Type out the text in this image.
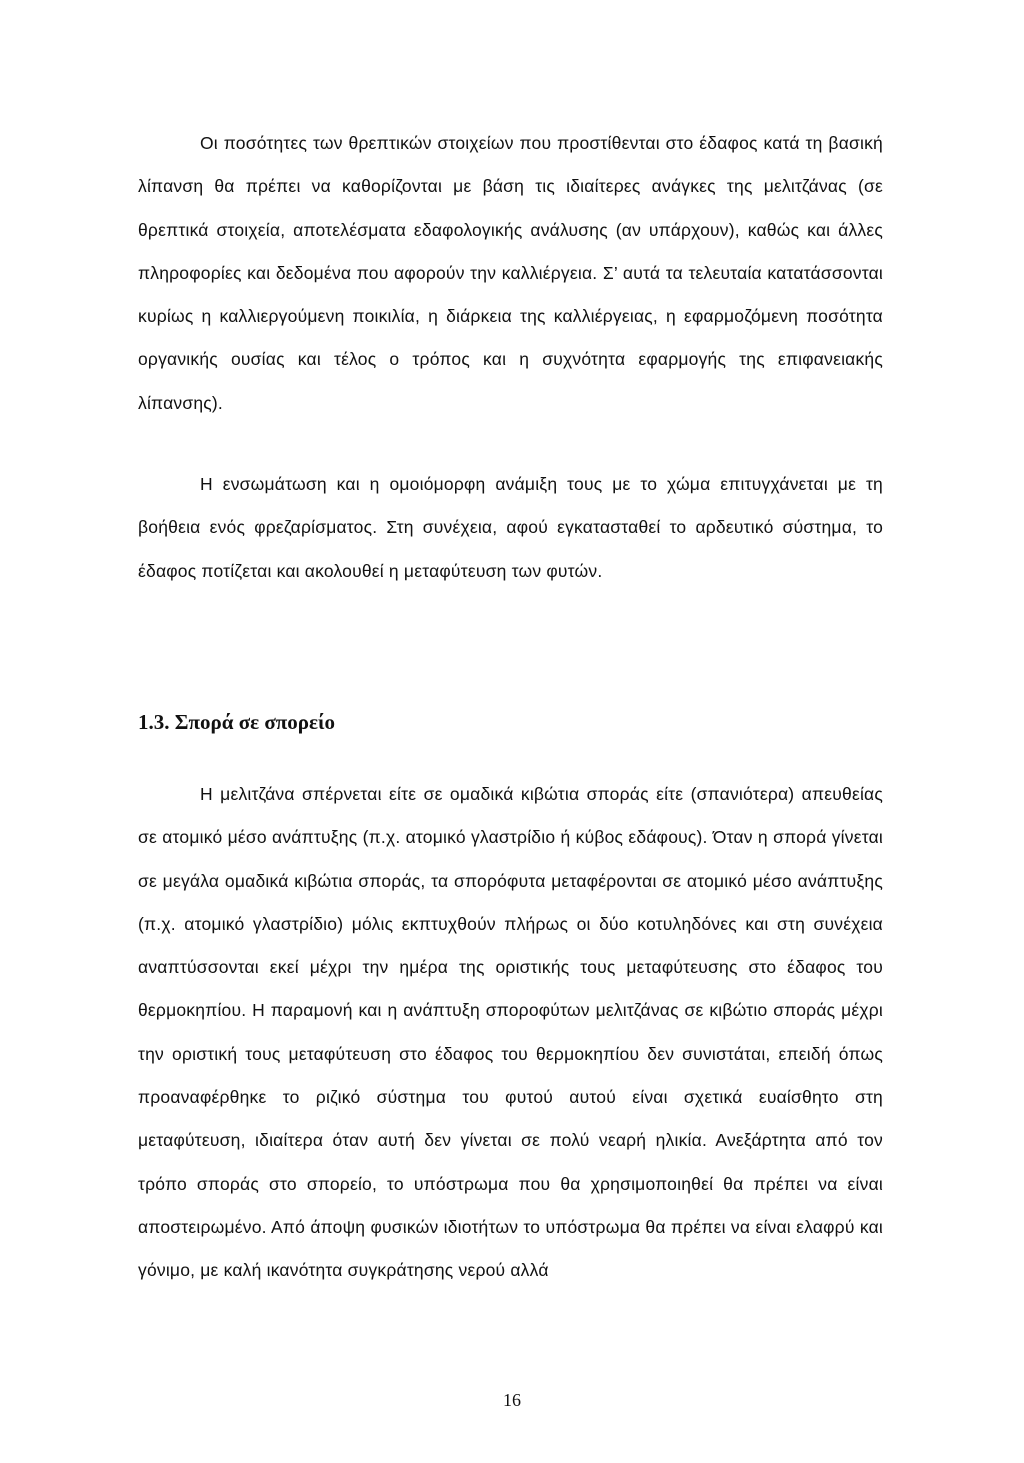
Οι ποσότητες των θρεπτικών στοιχείων που προστίθενται στο έδαφος κατά τη βασική λίπανση θα πρέπει να καθορίζονται με βάση τις ιδιαίτερες ανάγκες της μελιτζάνας (σε θρεπτικά στοιχεία, αποτελέσματα εδαφολογικής ανάλυσης (αν υπάρχουν), καθώς και άλλες πληροφορίες και δεδομένα που αφορούν την καλλιέργεια. Σ’ αυτά τα τελευταία κατατάσσονται κυρίως η καλλιεργούμενη ποικιλία, η διάρκεια της καλλιέργειας, η εφαρμοζόμενη ποσότητα οργανικής ουσίας και τέλος ο τρόπος και η συχνότητα εφαρμογής της επιφανειακής λίπανσης).

Η ενσωμάτωση και η ομοιόμορφη ανάμιξη τους με το χώμα επιτυγχάνεται με τη βοήθεια ενός φρεζαρίσματος. Στη συνέχεια, αφού εγκατασταθεί το αρδευτικό σύστημα, το έδαφος ποτίζεται και ακολουθεί η μεταφύτευση των φυτών.

1.3. Σπορά σε σπορείο

Η μελιτζάνα σπέρνεται είτε σε ομαδικά κιβώτια σποράς είτε (σπανιότερα) απευθείας σε ατομικό μέσο ανάπτυξης (π.χ. ατομικό γλαστρίδιο ή κύβος εδάφους). Όταν η σπορά γίνεται σε μεγάλα ομαδικά κιβώτια σποράς, τα σπορόφυτα μεταφέρονται σε ατομικό μέσο ανάπτυξης (π.χ. ατομικό γλαστρίδιο) μόλις εκπτυχθούν πλήρως οι δύο κοτυληδόνες και στη συνέχεια αναπτύσσονται εκεί μέχρι την ημέρα της οριστικής τους μεταφύτευσης στο έδαφος του θερμοκηπίου. Η παραμονή και η ανάπτυξη σποροφύτων μελιτζάνας σε κιβώτιο σποράς μέχρι την οριστική τους μεταφύτευση στο έδαφος του θερμοκηπίου δεν συνιστάται, επειδή όπως προαναφέρθηκε το ριζικό σύστημα του φυτού αυτού είναι σχετικά ευαίσθητο στη μεταφύτευση, ιδιαίτερα όταν αυτή δεν γίνεται σε πολύ νεαρή ηλικία. Ανεξάρτητα από τον τρόπο σποράς στο σπορείο, το υπόστρωμα που θα χρησιμοποιηθεί θα πρέπει να είναι αποστειρωμένο. Από άποψη φυσικών ιδιοτήτων το υπόστρωμα θα πρέπει να είναι ελαφρύ και γόνιμο, με καλή ικανότητα συγκράτησης νερού αλλά

16
